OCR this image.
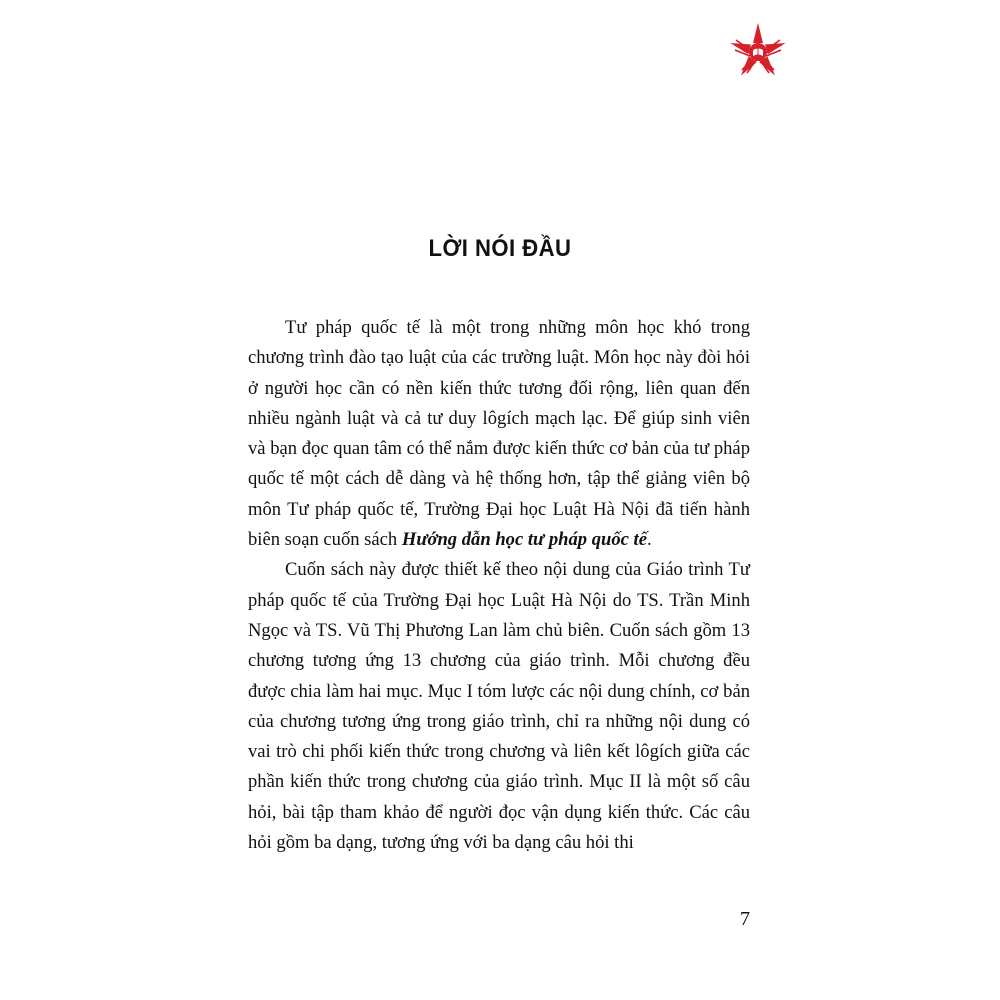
LỜI NÓI ĐẦU

Tư pháp quốc tế là một trong những môn học khó trong chương trình đào tạo luật của các trường luật. Môn học này đòi hỏi ở người học cần có nền kiến thức tương đối rộng, liên quan đến nhiều ngành luật và cả tư duy lôgích mạch lạc. Để giúp sinh viên và bạn đọc quan tâm có thể nắm được kiến thức cơ bản của tư pháp quốc tế một cách dễ dàng và hệ thống hơn, tập thể giảng viên bộ môn Tư pháp quốc tế, Trường Đại học Luật Hà Nội đã tiến hành biên soạn cuốn sách Hướng dẫn học tư pháp quốc tế.

Cuốn sách này được thiết kế theo nội dung của Giáo trình Tư pháp quốc tế của Trường Đại học Luật Hà Nội do TS. Trần Minh Ngọc và TS. Vũ Thị Phương Lan làm chủ biên. Cuốn sách gồm 13 chương tương ứng 13 chương của giáo trình. Mỗi chương đều được chia làm hai mục. Mục I tóm lược các nội dung chính, cơ bản của chương tương ứng trong giáo trình, chỉ ra những nội dung có vai trò chi phối kiến thức trong chương và liên kết lôgích giữa các phần kiến thức trong chương của giáo trình. Mục II là một số câu hỏi, bài tập tham khảo để người đọc vận dụng kiến thức. Các câu hỏi gồm ba dạng, tương ứng với ba dạng câu hỏi thi

7
